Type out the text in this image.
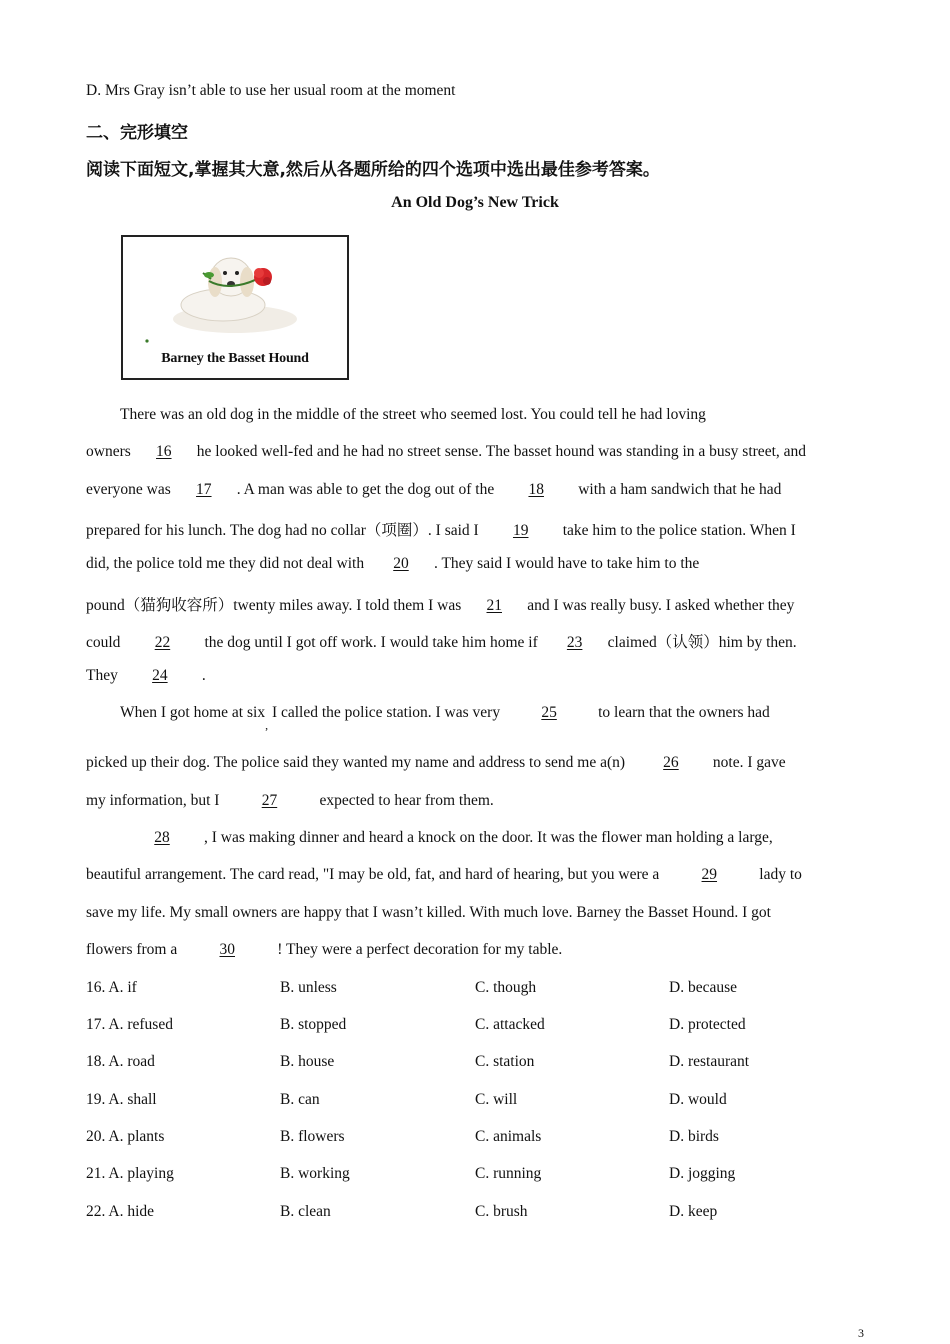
D. Mrs Gray isn’t able to use her usual room at the moment
二、完形填空
阅读下面短文,掌握其大意,然后从各题所给的四个选项中选出最佳参考答案。
An Old Dog’s New Trick
Barney the Basset Hound
There was an old dog in the middle of the street who seemed lost. You could tell he had loving
owners 16 he looked well-fed and he had no street sense. The basset hound was standing in a busy street, and
everyone was 17 . A man was able to get the dog out of the 18 with a ham sandwich that he had
prepared for his lunch. The dog had no collar（项圈）. I said I 19 take him to the police station. When I
did, the police told me they did not deal with 20 . They said I would have to take him to the
pound（猫狗收容所）twenty miles away. I told them I was 21 and I was really busy. I asked whether they
could 22 the dog until I got off work. I would take him home if 23 claimed（认领）him by then.
They 24 .
When I got home at six$_,$ I called the police station. I was very	25	to learn that the owners had
picked up their dog. The police said they wanted my name and address to send me a(n) 26 note. I gave
my information, but I	27	expected to hear from them.
28 , I was making dinner and heard a knock on the door. It was the flower man holding a large,
beautiful arrangement. The card read, "I may be old, fat, and hard of hearing, but you were a	29	lady to
save my life. My small owners are happy that I wasn’t killed. With much love. Barney the Basset Hound. I got
flowers from a	30	! They were a perfect decoration for my table.
16. A. if	B. unless	C. though	D. because
17. A. refused	B. stopped	C. attacked	D. protected
18. A. road	B. house	C. station	D. restaurant
19. A. shall	B. can	C. will	D. would
20. A. plants	B. flowers	C. animals	D. birds
21. A. playing	B. working	C. running	D. jogging
22. A. hide	B. clean	C. brush	D. keep
3
